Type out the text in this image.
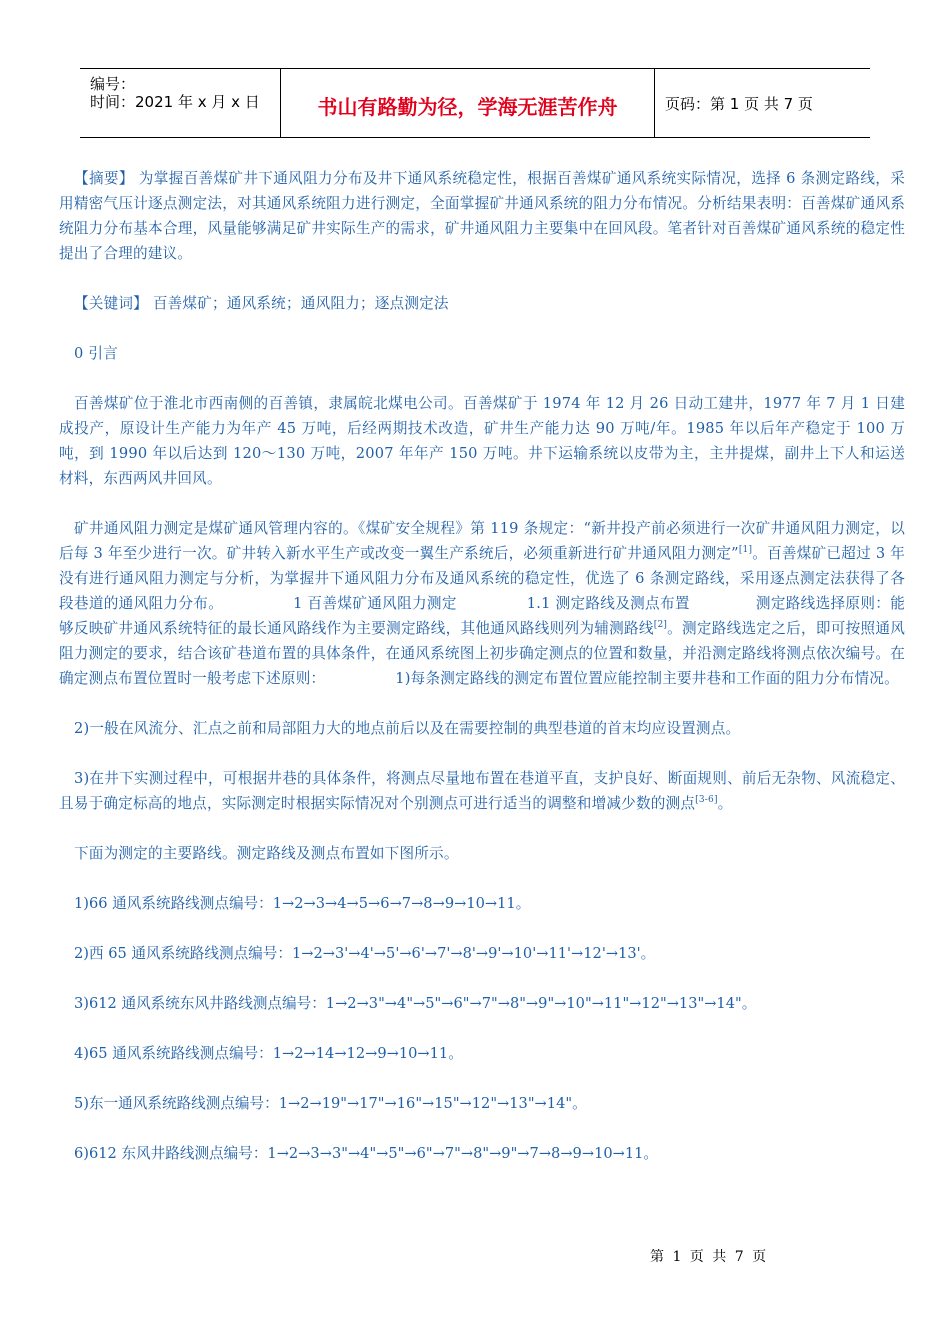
编号：
时间：2021 年 x 月 x 日	书山有路勤为径，学海无涯苦作舟	页码：第 1 页 共 7 页

【摘要】 为掌握百善煤矿井下通风阻力分布及井下通风系统稳定性，根据百善煤矿通风系统实际情况，选择 6 条测定路线，采用精密气压计逐点测定法，对其通风系统阻力进行测定，全面掌握矿井通风系统的阻力分布情况。分析结果表明：百善煤矿通风系统阻力分布基本合理，风量能够满足矿井实际生产的需求，矿井通风阻力主要集中在回风段。笔者针对百善煤矿通风系统的稳定性提出了合理的建议。

【关键词】 百善煤矿；通风系统；通风阻力；逐点测定法

0 引言

百善煤矿位于淮北市西南侧的百善镇，隶属皖北煤电公司。百善煤矿于 1974 年 12 月 26 日动工建井，1977 年 7 月 1 日建成投产，原设计生产能力为年产 45 万吨，后经两期技术改造，矿井生产能力达 90 万吨/年。1985 年以后年产稳定于 100 万吨，到 1990 年以后达到 120～130 万吨，2007 年年产 150 万吨。井下运输系统以皮带为主，主井提煤，副井上下人和运送材料，东西两风井回风。

矿井通风阻力测定是煤矿通风管理内容的。《煤矿安全规程》第 119 条规定：“新井投产前必须进行一次矿井通风阻力测定，以后每 3 年至少进行一次。矿井转入新水平生产或改变一翼生产系统后，必须重新进行矿井通风阻力测定”[1]。百善煤矿已超过 3 年没有进行通风阻力测定与分析，为掌握井下通风阻力分布及通风系统的稳定性，优选了 6 条测定路线，采用逐点测定法获得了各段巷道的通风阻力分布。	1 百善煤矿通风阻力测定	1.1 测定路线及测点布置	测定路线选择原则：能够反映矿井通风系统特征的最长通风路线作为主要测定路线，其他通风路线则列为辅测路线[2]。测定路线选定之后，即可按照通风阻力测定的要求，结合该矿巷道布置的具体条件，在通风系统图上初步确定测点的位置和数量，并沿测定路线将测点依次编号。在确定测点布置位置时一般考虑下述原则：	1)每条测定路线的测定布置位置应能控制主要井巷和工作面的阻力分布情况。

2)一般在风流分、汇点之前和局部阻力大的地点前后以及在需要控制的典型巷道的首末均应设置测点。

3)在井下实测过程中，可根据井巷的具体条件，将测点尽量地布置在巷道平直，支护良好、断面规则、前后无杂物、风流稳定、且易于确定标高的地点，实际测定时根据实际情况对个别测点可进行适当的调整和增减少数的测点[3-6]。

下面为测定的主要路线。测定路线及测点布置如下图所示。

1)66 通风系统路线测点编号：1→2→3→4→5→6→7→8→9→10→11。

2)西 65 通风系统路线测点编号：1→2→3'→4'→5'→6'→7'→8'→9'→10'→11'→12'→13'。

3)612 通风系统东风井路线测点编号：1→2→3"→4"→5"→6"→7"→8"→9"→10"→11"→12"→13"→14"。

4)65 通风系统路线测点编号：1→2→14→12→9→10→11。

5)东一通风系统路线测点编号：1→2→19"→17"→16"→15"→12"→13"→14"。

6)612 东风井路线测点编号：1→2→3→3"→4"→5"→6"→7"→8"→9"→7→8→9→10→11。

第 1 页 共 7 页
